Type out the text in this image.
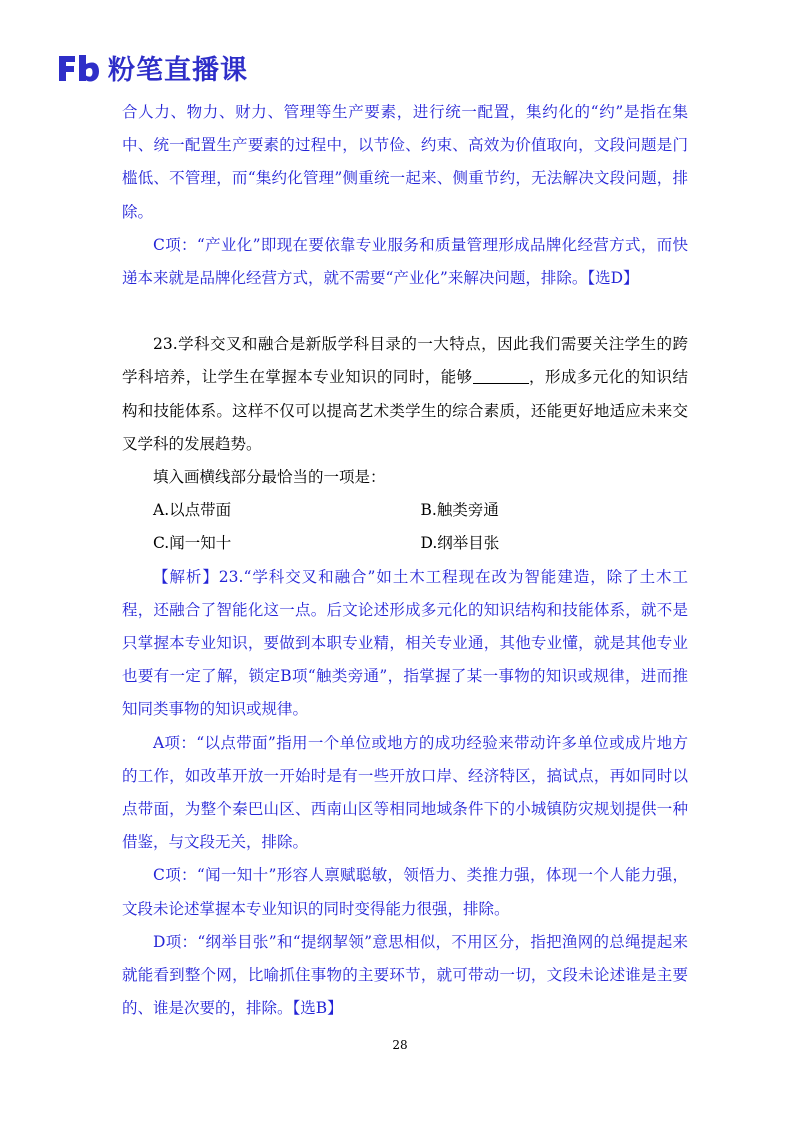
粉笔直播课

合人力、物力、财力、管理等生产要素，进行统一配置，集约化的“约”是指在集中、统一配置生产要素的过程中，以节俭、约束、高效为价值取向，文段问题是门槛低、不管理，而“集约化管理”侧重统一起来、侧重节约，无法解决文段问题，排除。

C项：“产业化”即现在要依靠专业服务和质量管理形成品牌化经营方式，而快递本来就是品牌化经营方式，就不需要“产业化”来解决问题，排除。【选D】

23.学科交叉和融合是新版学科目录的一大特点，因此我们需要关注学生的跨学科培养，让学生在掌握本专业知识的同时，能够	，形成多元化的知识结构和技能体系。这样不仅可以提高艺术类学生的综合素质，还能更好地适应未来交叉学科的发展趋势。

填入画横线部分最恰当的一项是：

A.以点带面	B.触类旁通
C.闻一知十	D.纲举目张

【解析】23.“学科交叉和融合”如土木工程现在改为智能建造，除了土木工程，还融合了智能化这一点。后文论述形成多元化的知识结构和技能体系，就不是只掌握本专业知识，要做到本职专业精，相关专业通，其他专业懂，就是其他专业也要有一定了解，锁定B项“触类旁通”，指掌握了某一事物的知识或规律，进而推知同类事物的知识或规律。

A项：“以点带面”指用一个单位或地方的成功经验来带动许多单位或成片地方的工作，如改革开放一开始时是有一些开放口岸、经济特区，搞试点，再如同时以点带面，为整个秦巴山区、西南山区等相同地域条件下的小城镇防灾规划提供一种借鉴，与文段无关，排除。

C项：“闻一知十”形容人禀赋聪敏，领悟力、类推力强，体现一个人能力强，文段未论述掌握本专业知识的同时变得能力很强，排除。

D项：“纲举目张”和“提纲挈领”意思相似，不用区分，指把渔网的总绳提起来就能看到整个网，比喻抓住事物的主要环节，就可带动一切，文段未论述谁是主要的、谁是次要的，排除。【选B】

28
